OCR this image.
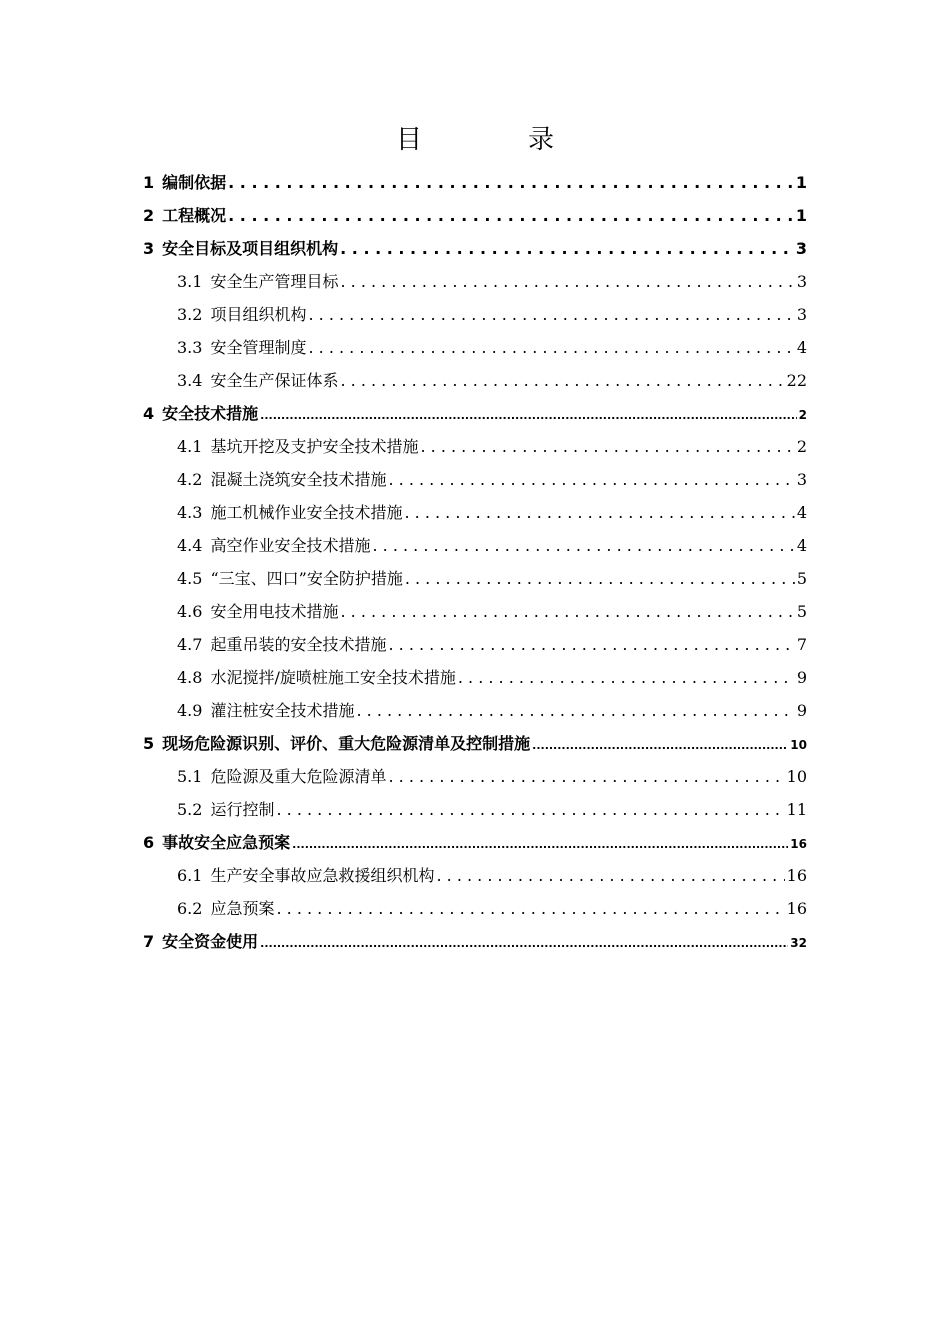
目　录
1 编制依据 . . .	1
2 工程概况 . . .	1
3 安全目标及项目组织机构 . . .	3
3.1 安全生产管理目标 . . .	3
3.2 项目组织机构 . . .	3
3.3 安全管理制度 . . .	4
3.4 安全生产保证体系 . . .	22
4 安全技术措施 .....	2
4.1 基坑开挖及支护安全技术措施 . . .	2
4.2 混凝土浇筑安全技术措施 . . .	3
4.3 施工机械作业安全技术措施 . . .	4
4.4 高空作业安全技术措施 . . .	4
4.5 “三宝、四口”安全防护措施 . . .	5
4.6 安全用电技术措施 . . .	5
4.7 起重吊装的安全技术措施 . . .	7
4.8 水泥搅拌/旋喷桩施工安全技术措施 . . .	9
4.9 灌注桩安全技术措施 . . .	9
5 现场危险源识别、评价、重大危险源清单及控制措施 .....	10
5.1 危险源及重大危险源清单 . . .	10
5.2 运行控制 . . .	11
6 事故安全应急预案 .....	16
6.1 生产安全事故应急救援组织机构 . . .	16
6.2 应急预案 . . .	16
7 安全资金使用 .....	32
